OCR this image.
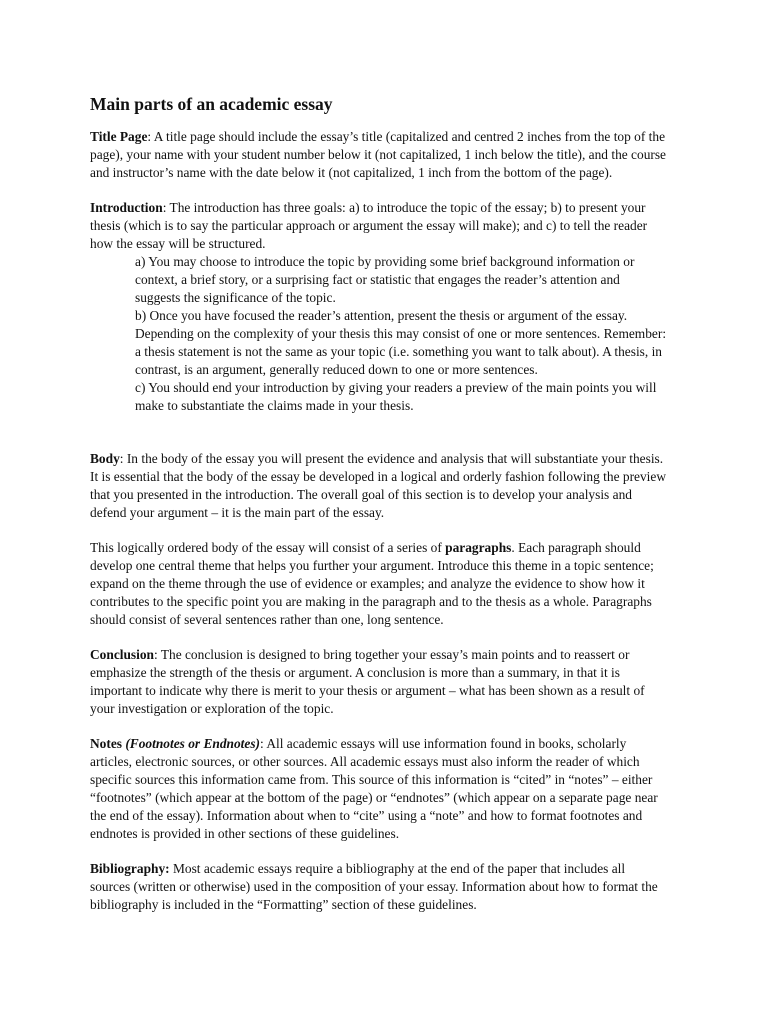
Main parts of an academic essay

Title Page: A title page should include the essay’s title (capitalized and centred 2 inches from the top of the page), your name with your student number below it (not capitalized, 1 inch below the title), and the course and instructor’s name with the date below it (not capitalized, 1 inch from the bottom of the page).

Introduction: The introduction has three goals: a) to introduce the topic of the essay; b) to present your thesis (which is to say the particular approach or argument the essay will make); and c) to tell the reader how the essay will be structured.

a) You may choose to introduce the topic by providing some brief background information or context, a brief story, or a surprising fact or statistic that engages the reader’s attention and suggests the significance of the topic.

b) Once you have focused the reader’s attention, present the thesis or argument of the essay. Depending on the complexity of your thesis this may consist of one or more sentences. Remember: a thesis statement is not the same as your topic (i.e. something you want to talk about). A thesis, in contrast, is an argument, generally reduced down to one or more sentences.

c) You should end your introduction by giving your readers a preview of the main points you will make to substantiate the claims made in your thesis.

Body: In the body of the essay you will present the evidence and analysis that will substantiate your thesis. It is essential that the body of the essay be developed in a logical and orderly fashion following the preview that you presented in the introduction. The overall goal of this section is to develop your analysis and defend your argument – it is the main part of the essay.

This logically ordered body of the essay will consist of a series of paragraphs. Each paragraph should develop one central theme that helps you further your argument. Introduce this theme in a topic sentence; expand on the theme through the use of evidence or examples; and analyze the evidence to show how it contributes to the specific point you are making in the paragraph and to the thesis as a whole. Paragraphs should consist of several sentences rather than one, long sentence.

Conclusion: The conclusion is designed to bring together your essay’s main points and to reassert or emphasize the strength of the thesis or argument. A conclusion is more than a summary, in that it is important to indicate why there is merit to your thesis or argument – what has been shown as a result of your investigation or exploration of the topic.

Notes (Footnotes or Endnotes): All academic essays will use information found in books, scholarly articles, electronic sources, or other sources. All academic essays must also inform the reader of which specific sources this information came from. This source of this information is “cited” in “notes” – either “footnotes” (which appear at the bottom of the page) or “endnotes” (which appear on a separate page near the end of the essay). Information about when to “cite” using a “note” and how to format footnotes and endnotes is provided in other sections of these guidelines.

Bibliography: Most academic essays require a bibliography at the end of the paper that includes all sources (written or otherwise) used in the composition of your essay. Information about how to format the bibliography is included in the “Formatting” section of these guidelines.
